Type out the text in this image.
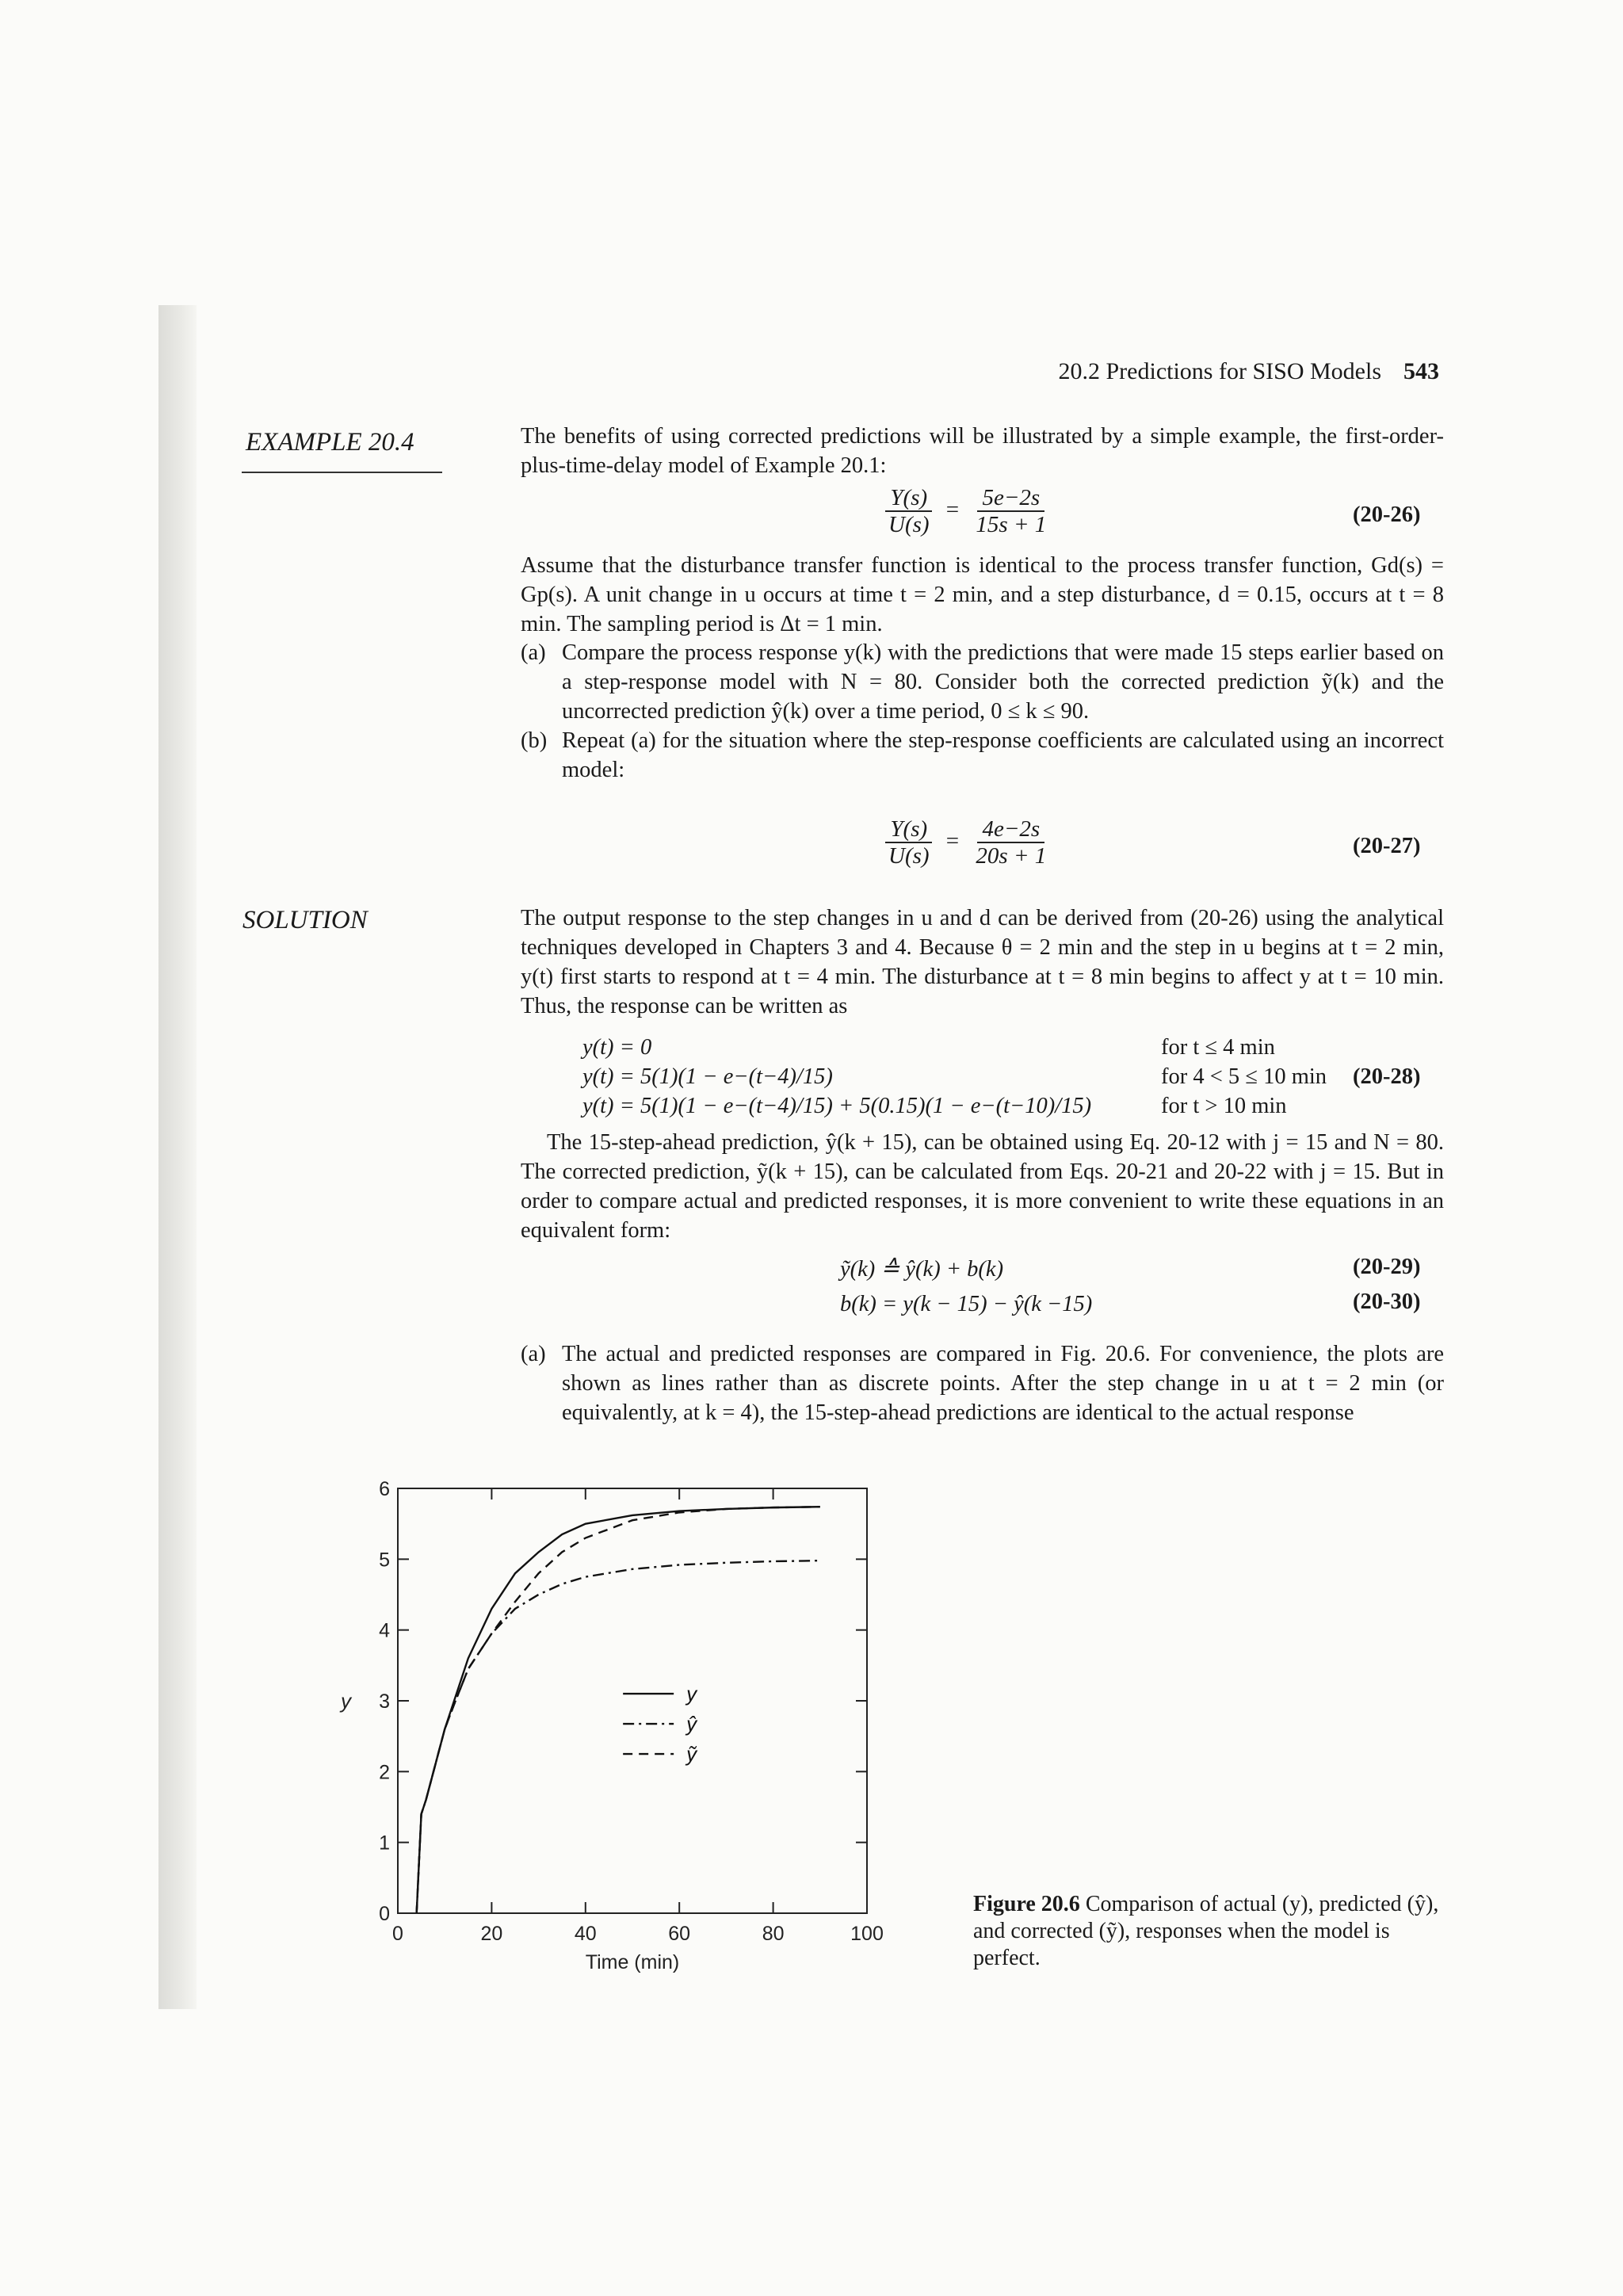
20.2 Predictions for SISO Models 543
EXAMPLE 20.4	The benefits of using corrected predictions will be illustrated by a simple example, the first-order-plus-time-delay model of Example 20.1:
$\frac{Y(s)}{U(s)} = \frac{5e-2s}{15s + 1}$	(20-26)
Assume that the disturbance transfer function is identical to the process transfer function, Gd(s) = Gp(s). A unit change in u occurs at time t = 2 min, and a step disturbance, d = 0.15, occurs at t = 8 min. The sampling period is Δt = 1 min.
(a) Compare the process response y(k) with the predictions that were made 15 steps earlier based on a step-response model with N = 80. Consider both the corrected prediction ỹ(k) and the uncorrected prediction ŷ(k) over a time period, 0 ≤ k ≤ 90.
(b) Repeat (a) for the situation where the step-response coefficients are calculated using an incorrect model:
$\frac{Y(s)}{U(s)} = \frac{4e-2s}{20s + 1}$	(20-27)
SOLUTION	The output response to the step changes in u and d can be derived from (20-26) using the analytical techniques developed in Chapters 3 and 4. Because θ = 2 min and the step in u begins at t = 2 min, y(t) first starts to respond at t = 4 min. The disturbance at t = 8 min begins to affect y at t = 10 min. Thus, the response can be written as
y(t) = 0	for t ≤ 4 min
y(t) = 5(1)(1 − e−(t−4)/15)	for 4 < 5 ≤ 10 min (20-28)
y(t) = 5(1)(1 − e−(t−4)/15) + 5(0.15)(1 − e−(t−10)/15)	for t > 10 min
The 15-step-ahead prediction, ŷ(k + 15), can be obtained using Eq. 20-12 with j = 15 and N = 80. The corrected prediction, ỹ(k + 15), can be calculated from Eqs. 20-21 and 20-22 with j = 15. But in order to compare actual and predicted responses, it is more convenient to write these equations in an equivalent form:
ỹ(k) ≙ ŷ(k) + b(k)	(20-29)
b(k) = y(k − 15) − ŷ(k −15)	(20-30)
(a) The actual and predicted responses are compared in Fig. 20.6. For convenience, the plots are shown as lines rather than as discrete points. After the step change in u at t = 2 min (or equivalently, at k = 4), the 15-step-ahead predictions are identical to the actual response
0	20	40	60	80	100
0
1
2
3
4
5
6
Time (min)
y	y
ŷ
ỹ
Figure 20.6 Comparison of actual (y), predicted (ŷ), and corrected (ỹ), responses when the model is perfect.
